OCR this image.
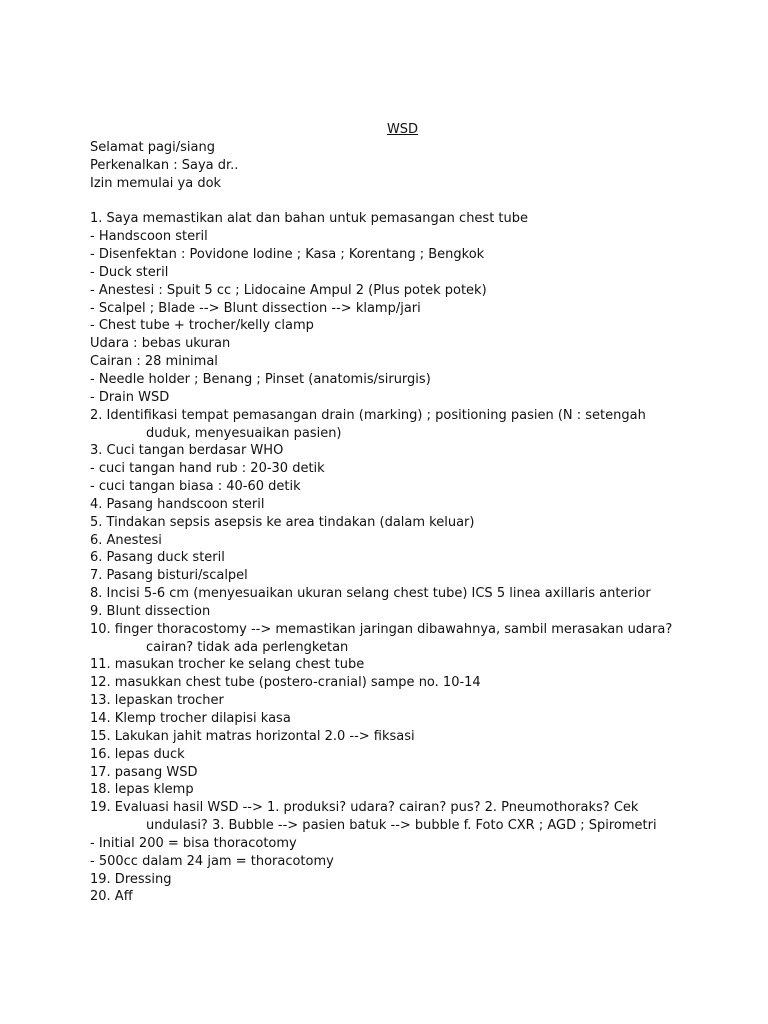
WSD
Selamat pagi/siang
Perkenalkan : Saya dr..
Izin memulai ya dok
1. Saya memastikan alat dan bahan untuk pemasangan chest tube
- Handscoon steril
- Disenfektan : Povidone Iodine ; Kasa ; Korentang ; Bengkok
- Duck steril
- Anestesi : Spuit 5 cc ; Lidocaine Ampul 2 (Plus potek potek)
- Scalpel ; Blade --> Blunt dissection --> klamp/jari
- Chest tube + trocher/kelly clamp
Udara : bebas ukuran
Cairan : 28 minimal
- Needle holder ; Benang ; Pinset (anatomis/sirurgis)
- Drain WSD
2. Identifikasi tempat pemasangan drain (marking) ; positioning pasien (N : setengah
duduk, menyesuaikan pasien)
3. Cuci tangan berdasar WHO
- cuci tangan hand rub : 20-30 detik
- cuci tangan biasa : 40-60 detik
4. Pasang handscoon steril
5. Tindakan sepsis asepsis ke area tindakan (dalam keluar)
6. Anestesi
6. Pasang duck steril
7. Pasang bisturi/scalpel
8. Incisi 5-6 cm (menyesuaikan ukuran selang chest tube) ICS 5 linea axillaris anterior
9. Blunt dissection
10. finger thoracostomy --> memastikan jaringan dibawahnya, sambil merasakan udara?
cairan? tidak ada perlengketan
11. masukan trocher ke selang chest tube
12. masukkan chest tube (postero-cranial) sampe no. 10-14
13. lepaskan trocher
14. Klemp trocher dilapisi kasa
15. Lakukan jahit matras horizontal 2.0 --> fiksasi
16. lepas duck
17. pasang WSD
18. lepas klemp
19. Evaluasi hasil WSD --> 1. produksi? udara? cairan? pus? 2. Pneumothoraks? Cek
undulasi? 3. Bubble --> pasien batuk --> bubble f. Foto CXR ; AGD ; Spirometri
- Initial 200 = bisa thoracotomy
- 500cc dalam 24 jam = thoracotomy
19. Dressing
20. Aff
